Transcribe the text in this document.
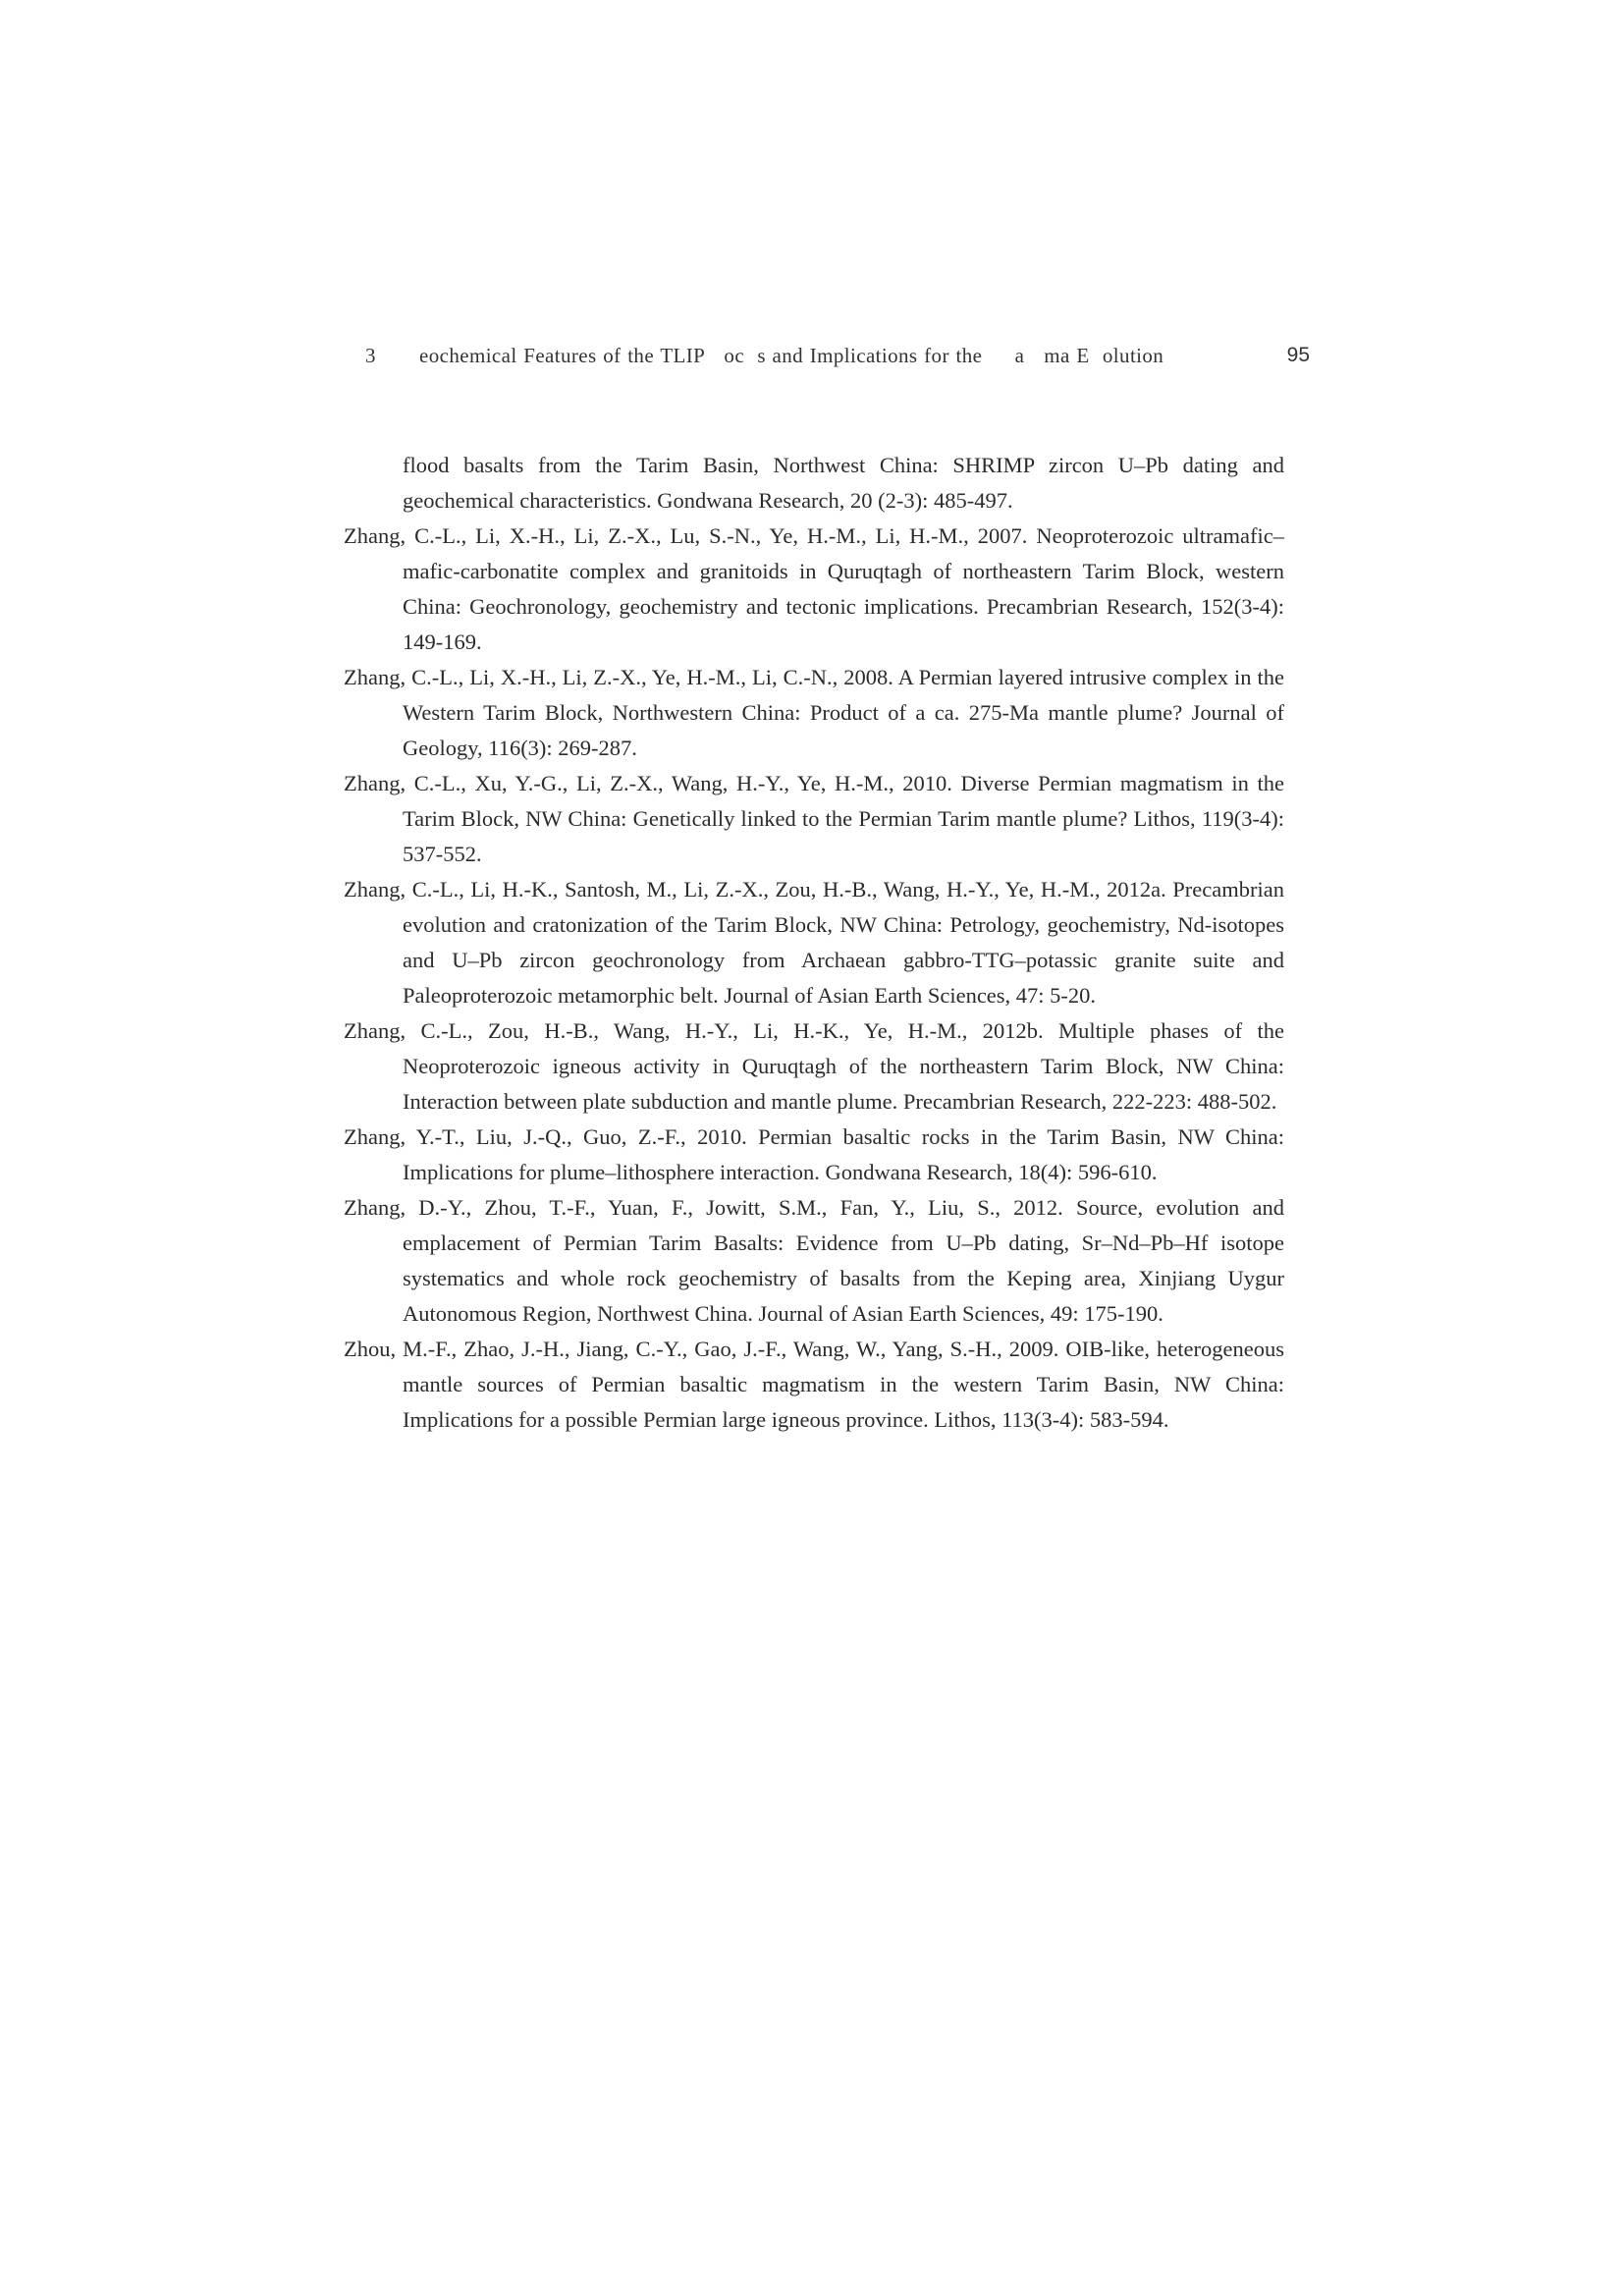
3 eochemical Features of the TLIP   oc  s and Implications for the     a   ma E  olution	95
flood basalts from the Tarim Basin, Northwest China: SHRIMP zircon U–Pb dating and geochemical characteristics. Gondwana Research, 20 (2-3): 485-497.
Zhang, C.-L., Li, X.-H., Li, Z.-X., Lu, S.-N., Ye, H.-M., Li, H.-M., 2007. Neoproterozoic ultramafic–mafic-carbonatite complex and granitoids in Quruqtagh of northeastern Tarim Block, western China: Geochronology, geochemistry and tectonic implications. Precambrian Research, 152(3-4): 149-169.
Zhang, C.-L., Li, X.-H., Li, Z.-X., Ye, H.-M., Li, C.-N., 2008. A Permian layered intrusive complex in the Western Tarim Block, Northwestern China: Product of a ca. 275-Ma mantle plume? Journal of Geology, 116(3): 269-287.
Zhang, C.-L., Xu, Y.-G., Li, Z.-X., Wang, H.-Y., Ye, H.-M., 2010. Diverse Permian magmatism in the Tarim Block, NW China: Genetically linked to the Permian Tarim mantle plume? Lithos, 119(3-4): 537-552.
Zhang, C.-L., Li, H.-K., Santosh, M., Li, Z.-X., Zou, H.-B., Wang, H.-Y., Ye, H.-M., 2012a. Precambrian evolution and cratonization of the Tarim Block, NW China: Petrology, geochemistry, Nd-isotopes and U–Pb zircon geochronology from Archaean gabbro-TTG–potassic granite suite and Paleoproterozoic metamorphic belt. Journal of Asian Earth Sciences, 47: 5-20.
Zhang, C.-L., Zou, H.-B., Wang, H.-Y., Li, H.-K., Ye, H.-M., 2012b. Multiple phases of the Neoproterozoic igneous activity in Quruqtagh of the northeastern Tarim Block, NW China: Interaction between plate subduction and mantle plume. Precambrian Research, 222-223: 488-502.
Zhang, Y.-T., Liu, J.-Q., Guo, Z.-F., 2010. Permian basaltic rocks in the Tarim Basin, NW China: Implications for plume–lithosphere interaction. Gondwana Research, 18(4): 596-610.
Zhang, D.-Y., Zhou, T.-F., Yuan, F., Jowitt, S.M., Fan, Y., Liu, S., 2012. Source, evolution and emplacement of Permian Tarim Basalts: Evidence from U–Pb dating, Sr–Nd–Pb–Hf isotope systematics and whole rock geochemistry of basalts from the Keping area, Xinjiang Uygur Autonomous Region, Northwest China. Journal of Asian Earth Sciences, 49: 175-190.
Zhou, M.-F., Zhao, J.-H., Jiang, C.-Y., Gao, J.-F., Wang, W., Yang, S.-H., 2009. OIB-like, heterogeneous mantle sources of Permian basaltic magmatism in the western Tarim Basin, NW China: Implications for a possible Permian large igneous province. Lithos, 113(3-4): 583-594.
